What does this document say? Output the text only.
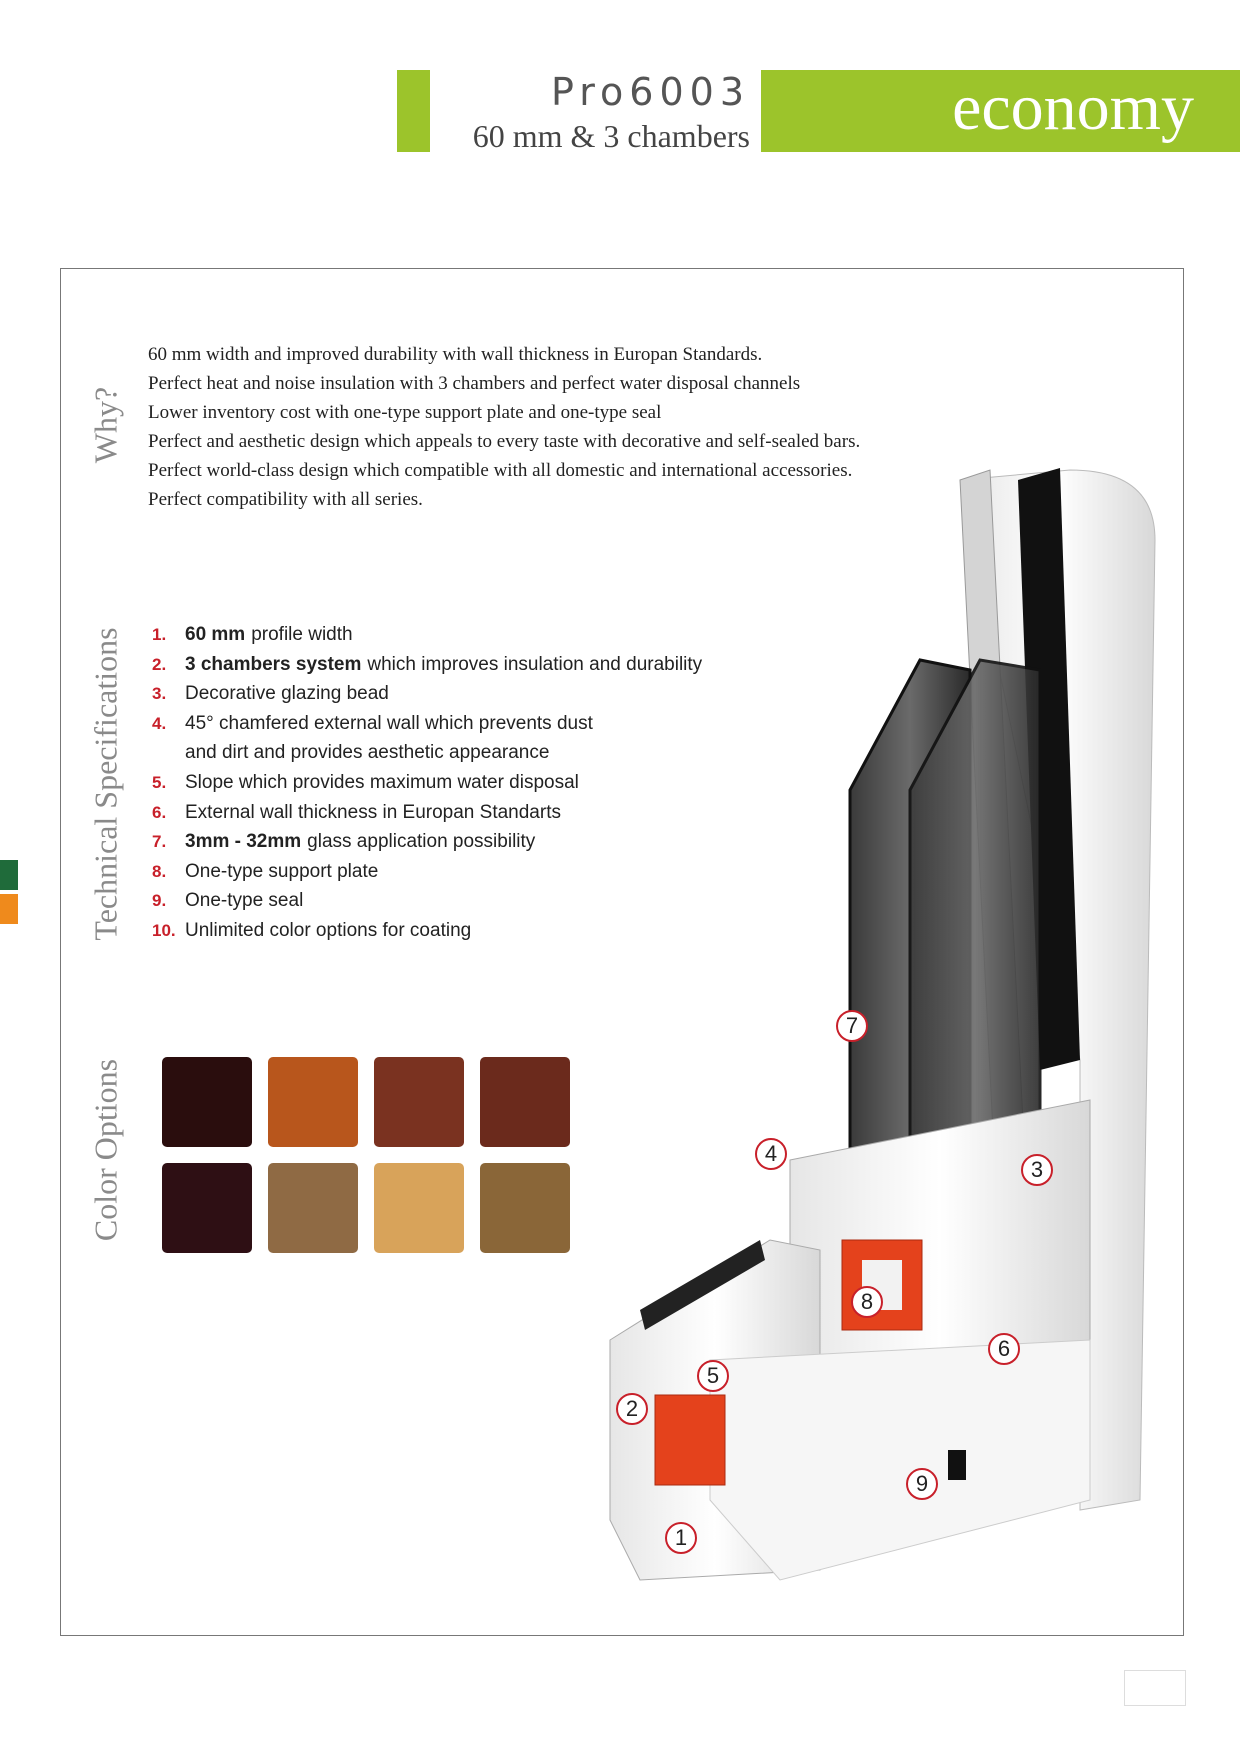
Pro6003
60 mm & 3 chambers	economy
Why?
Technical Specifications
Color Options
60 mm width and improved durability with wall thickness in Europan Standards.
Perfect heat and noise insulation with 3 chambers and perfect water disposal channels
Lower inventory cost with one-type support plate and one-type seal
Perfect and aesthetic design which appeals to every taste with decorative and self-sealed bars.
Perfect world-class design which compatible with all domestic and international accessories.
Perfect compatibility with all series.
1. 60 mm profile width
2. 3 chambers system which improves insulation and durability
3. Decorative glazing bead
4. 45° chamfered external wall which prevents dust
and dirt and provides aesthetic appearance
5. Slope which provides maximum water disposal
6. External wall thickness in Europan Standarts
7. 3mm - 32mm glass application possibility
8. One-type support plate
9. One-type seal
10. Unlimited color options for coating
7
4
3
8
6
5
2
9
1
